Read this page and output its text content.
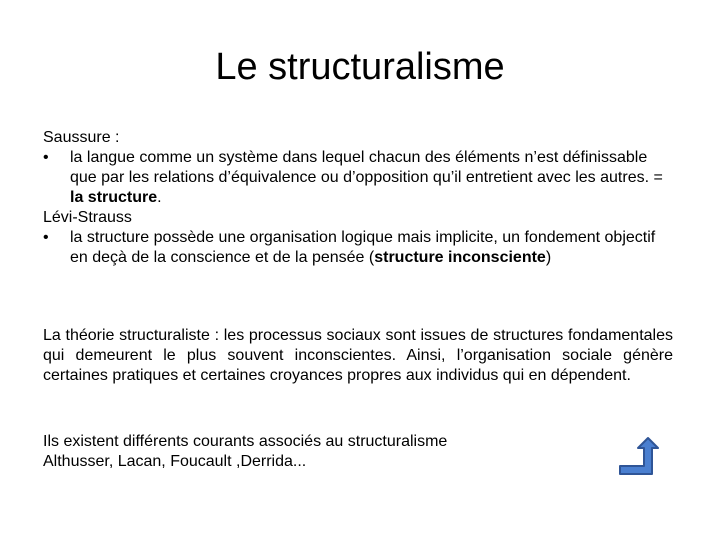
Le structuralisme
Saussure :
• la langue comme un système dans lequel chacun des éléments n’est définissable que par les relations d’équivalence ou d’opposition qu’il entretient avec les autres. = la structure.
Lévi-Strauss
• la structure possède une organisation logique mais implicite, un fondement objectif en deçà de la conscience et de la pensée (structure inconsciente)
La théorie structuraliste : les processus sociaux sont issues de structures fondamentales qui demeurent le plus souvent inconscientes. Ainsi, l’organisation sociale génère certaines pratiques et certaines croyances propres aux individus qui en dépendent.
Ils existent différents courants associés au structuralisme
Althusser, Lacan, Foucault ,Derrida...
